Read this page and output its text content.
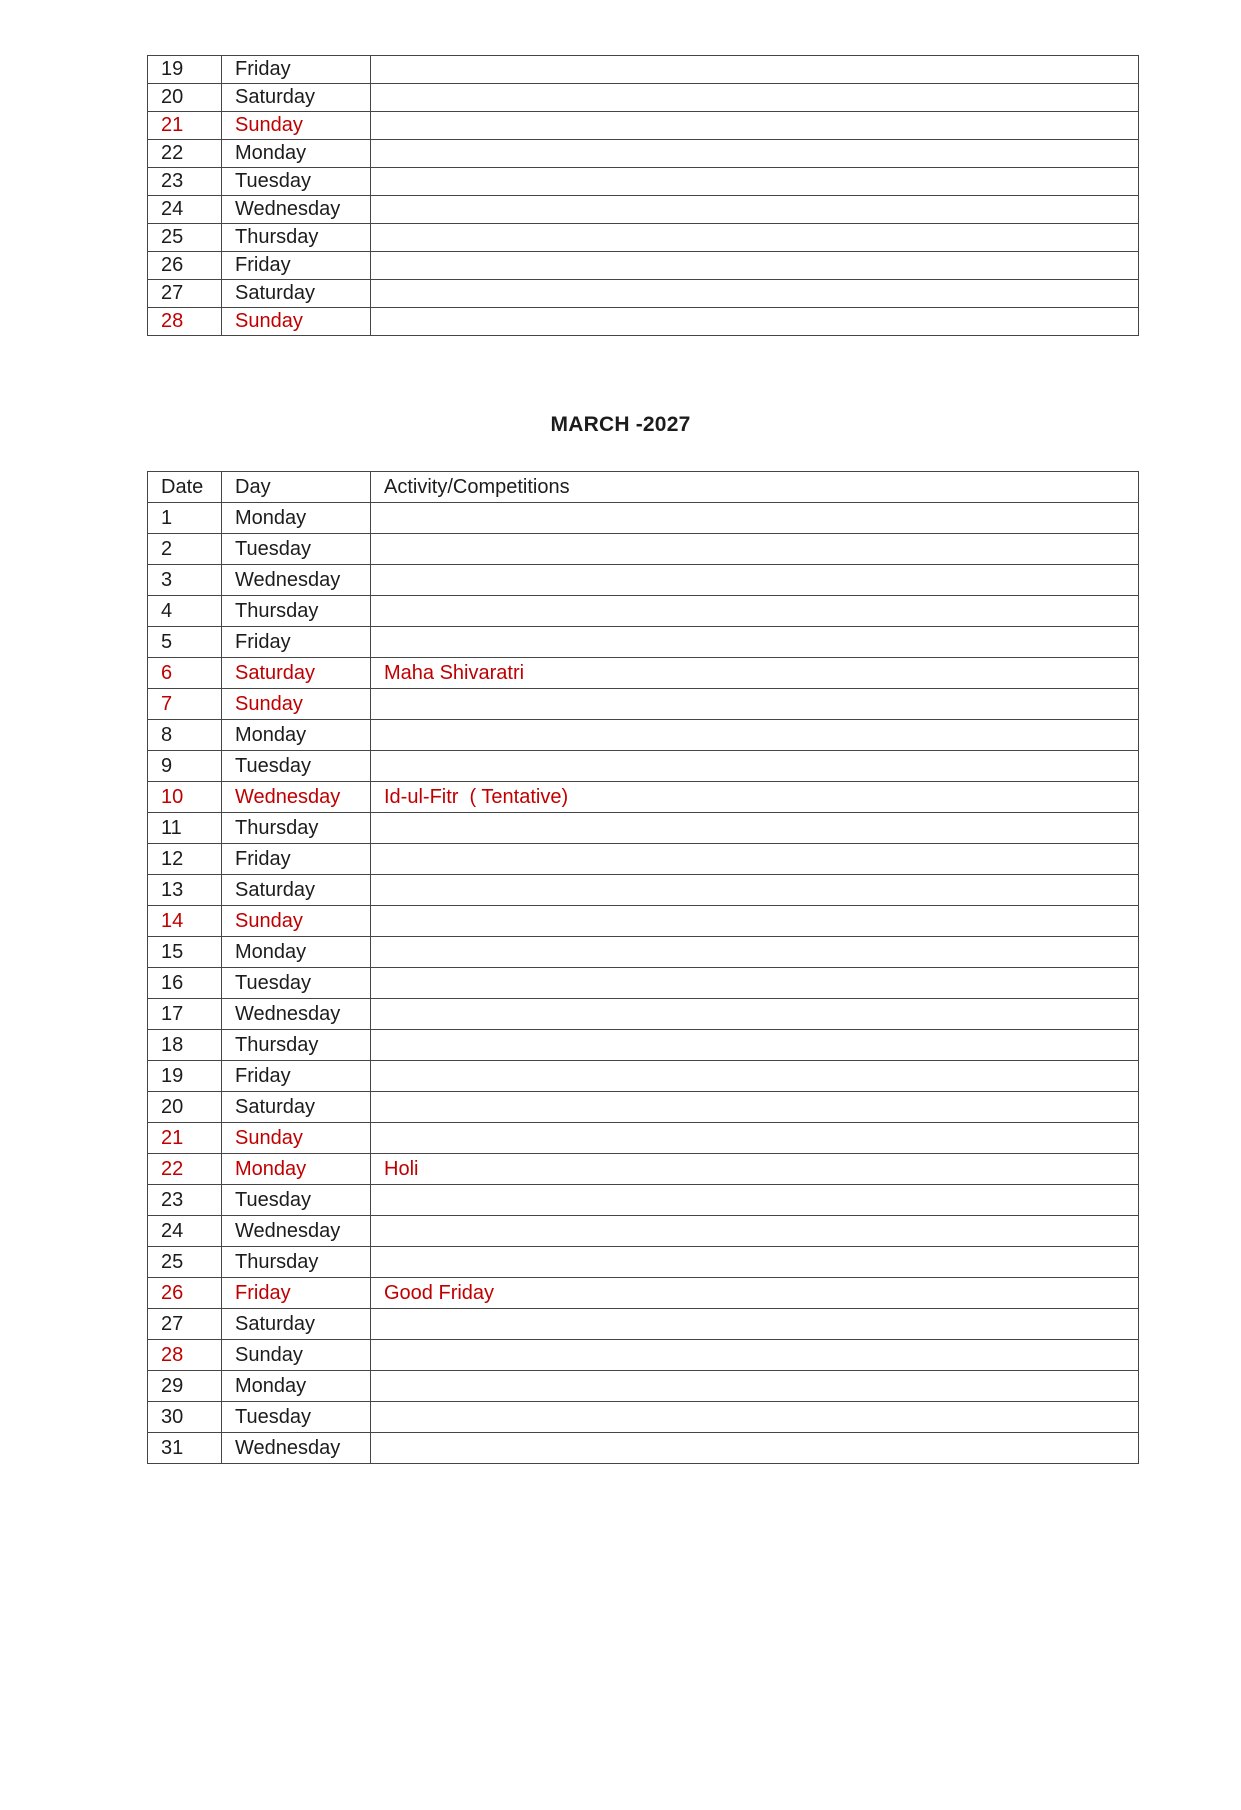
19	Friday	
20	Saturday	
21	Sunday	
22	Monday	
23	Tuesday	
24	Wednesday	
25	Thursday	
26	Friday	
27	Saturday	
28	Sunday	
MARCH -2027
Date	Day	Activity/Competitions
1	Monday	
2	Tuesday	
3	Wednesday	
4	Thursday	
5	Friday	
6	Saturday	Maha Shivaratri
7	Sunday	
8	Monday	
9	Tuesday	
10	Wednesday	Id-ul-Fitr  ( Tentative)
11	Thursday	
12	Friday	
13	Saturday	
14	Sunday	
15	Monday	
16	Tuesday	
17	Wednesday	
18	Thursday	
19	Friday	
20	Saturday	
21	Sunday	
22	Monday	Holi
23	Tuesday	
24	Wednesday	
25	Thursday	
26	Friday	Good Friday
27	Saturday	
28	Sunday	
29	Monday	
30	Tuesday	
31	Wednesday	
